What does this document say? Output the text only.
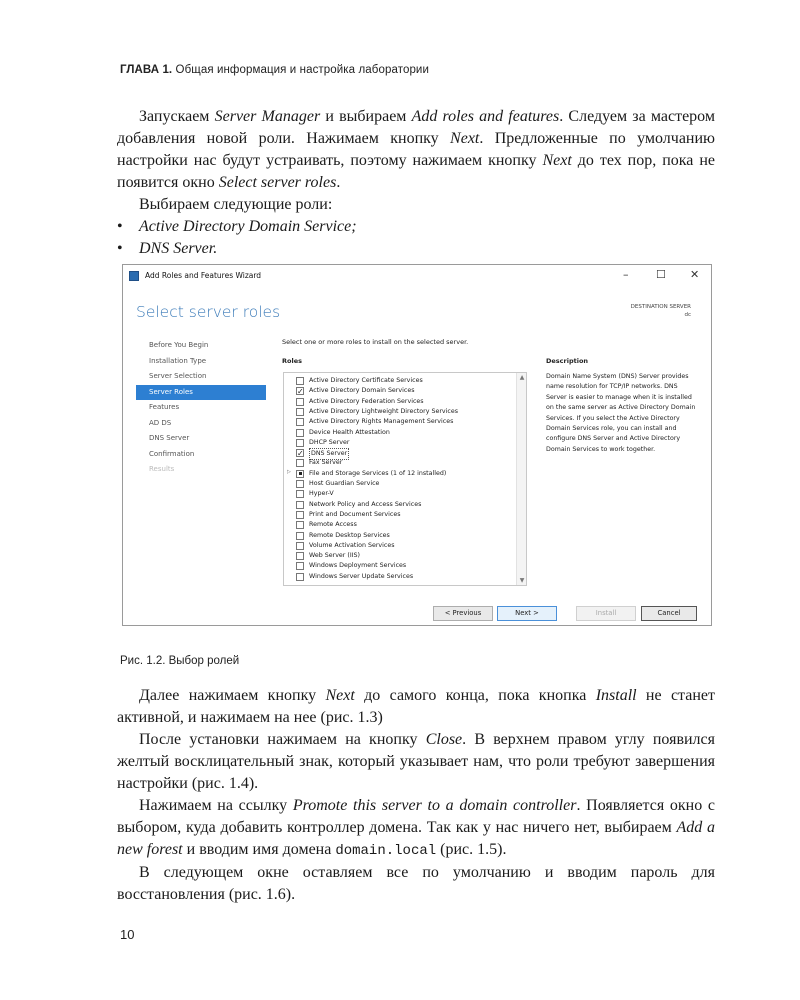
ГЛАВА 1. Общая информация и настройка лаборатории

Запускаем Server Manager и выбираем Add roles and features. Следуем за мастером добавления новой роли. Нажимаем кнопку Next. Предложенные по умолчанию настройки нас будут устраивать, поэтому нажимаем кнопку Next до тех пор, пока не появится окно Select server roles.

Выбираем следующие роли:

• Active Directory Domain Service;
• DNS Server.
Add Roles and Features Wizard	–	☐ ✕
Select server roles	DESTINATION SERVER
dc
Before You Begin
Installation Type
Server Selection
Server Roles
Features
AD DS
DNS Server
Confirmation
Results
Select one or more roles to install on the selected server.
Roles	Description
▲
▼
Active Directory Certificate Services
✓ Active Directory Domain Services
Active Directory Federation Services
Active Directory Lightweight Directory Services
Active Directory Rights Management Services
Device Health Attestation
DHCP Server
✓ DNS Server
Fax Server
▷	File and Storage Services (1 of 12 installed)
Host Guardian Service
Hyper-V
Network Policy and Access Services
Print and Document Services
Remote Access
Remote Desktop Services
Volume Activation Services
Web Server (IIS)
Windows Deployment Services
Windows Server Update Services
Domain Name System (DNS) Server provides name resolution for TCP/IP networks. DNS Server is easier to manage when it is installed on the same server as Active Directory Domain Services. If you select the Active Directory Domain Services role, you can install and configure DNS Server and Active Directory Domain Services to work together.
< Previous	Next >	Install	Cancel
Рис. 1.2. Выбор ролей

Далее нажимаем кнопку Next до самого конца, пока кнопка Install не станет активной, и нажимаем на нее (рис. 1.3)

После установки нажимаем на кнопку Close. В верхнем правом углу появился желтый восклицательный знак, который указывает нам, что роли требуют завершения настройки (рис. 1.4).

Нажимаем на ссылку Promote this server to a domain controller. Появляется окно с выбором, куда добавить контроллер домена. Так как у нас ничего нет, выбираем Add a new forest и вводим имя домена domain.local (рис. 1.5).

В следующем окне оставляем все по умолчанию и вводим пароль для восстановления (рис. 1.6).

10
